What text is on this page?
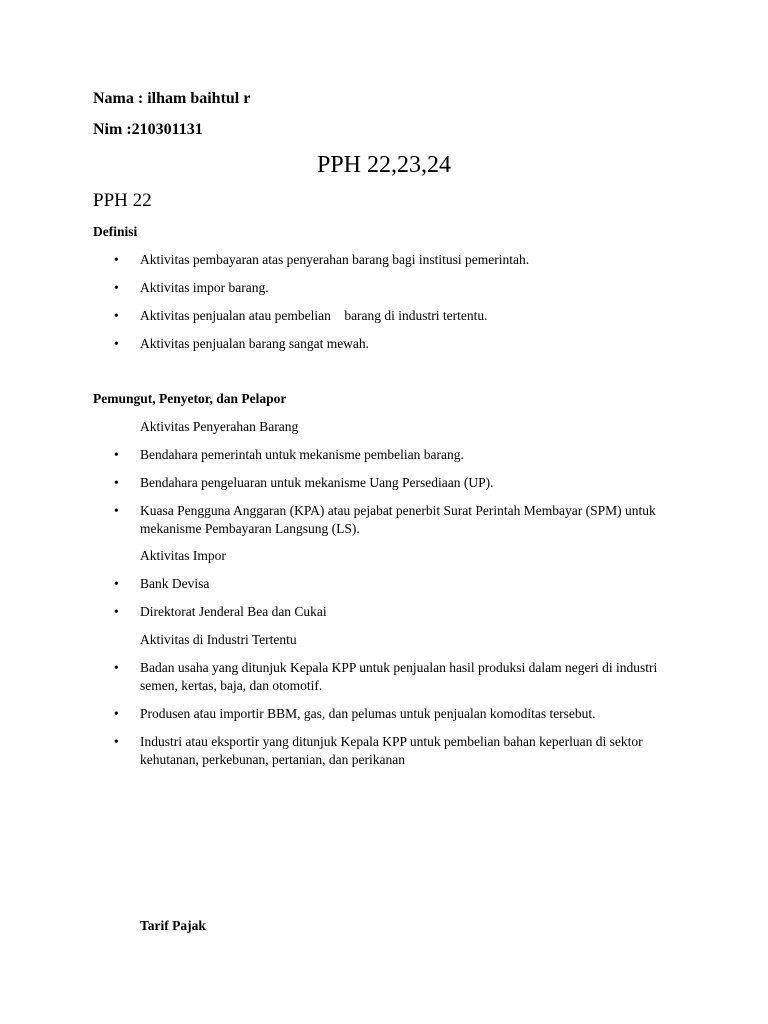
Nama : ilham baihtul r
Nim :210301131
PPH 22,23,24
PPH 22
Definisi
• Aktivitas pembayaran atas penyerahan barang bagi institusi pemerintah.
• Aktivitas impor barang.
• Aktivitas penjualan atau pembelian    barang di industri tertentu.
• Aktivitas penjualan barang sangat mewah.
Pemungut, Penyetor, dan Pelapor
Aktivitas Penyerahan Barang
• Bendahara pemerintah untuk mekanisme pembelian barang.
• Bendahara pengeluaran untuk mekanisme Uang Persediaan (UP).
• Kuasa Pengguna Anggaran (KPA) atau pejabat penerbit Surat Perintah Membayar (SPM) untuk mekanisme Pembayaran Langsung (LS).
Aktivitas Impor
• Bank Devisa
• Direktorat Jenderal Bea dan Cukai
Aktivitas di Industri Tertentu
• Badan usaha yang ditunjuk Kepala KPP untuk penjualan hasil produksi dalam negeri di industri semen, kertas, baja, dan otomotif.
• Produsen atau importir BBM, gas, dan pelumas untuk penjualan komoditas tersebut.
• Industri atau eksportir yang ditunjuk Kepala KPP untuk pembelian bahan keperluan di sektor kehutanan, perkebunan, pertanian, dan perikanan
Tarif Pajak
